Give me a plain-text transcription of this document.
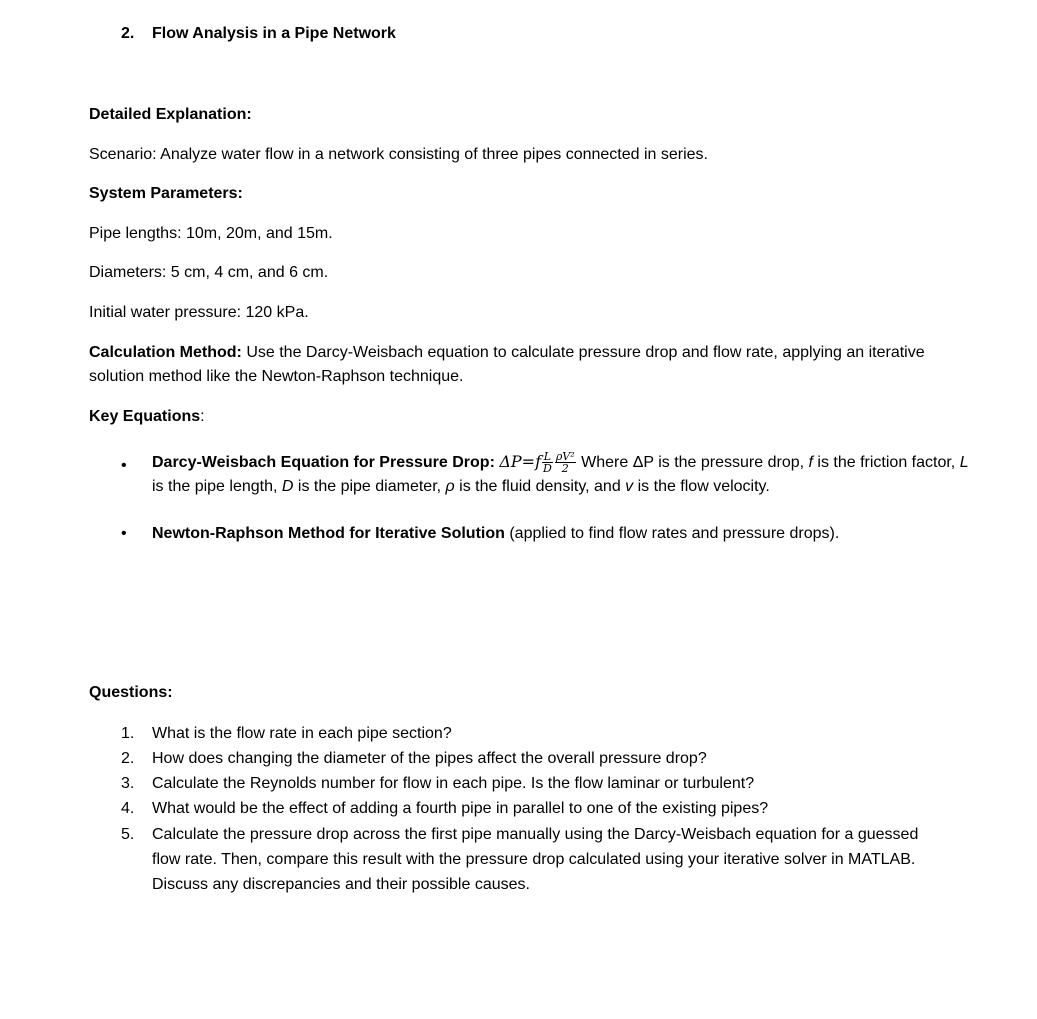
2. Flow Analysis in a Pipe Network
Detailed Explanation:
Scenario: Analyze water flow in a network consisting of three pipes connected in series.
System Parameters:
Pipe lengths: 10m, 20m, and 15m.
Diameters: 5 cm, 4 cm, and 6 cm.
Initial water pressure: 120 kPa.
Calculation Method: Use the Darcy-Weisbach equation to calculate pressure drop and flow rate, applying an iterative solution method like the Newton-Raphson technique.
Key Equations:
• Darcy-Weisbach Equation for Pressure Drop: $\Delta P=f \frac{L}{D} \frac{\text{ρV²}}{2}$ Where ΔP is the pressure drop, f is the friction factor, L is the pipe length, D is the pipe diameter, ρ is the fluid density, and v is the flow velocity.
• Newton-Raphson Method for Iterative Solution (applied to find flow rates and pressure drops).
Questions:
1. What is the flow rate in each pipe section?
2. How does changing the diameter of the pipes affect the overall pressure drop?
3. Calculate the Reynolds number for flow in each pipe. Is the flow laminar or turbulent?
4. What would be the effect of adding a fourth pipe in parallel to one of the existing pipes?
5. Calculate the pressure drop across the first pipe manually using the Darcy-Weisbach equation for a guessed flow rate. Then, compare this result with the pressure drop calculated using your iterative solver in MATLAB. Discuss any discrepancies and their possible causes.
